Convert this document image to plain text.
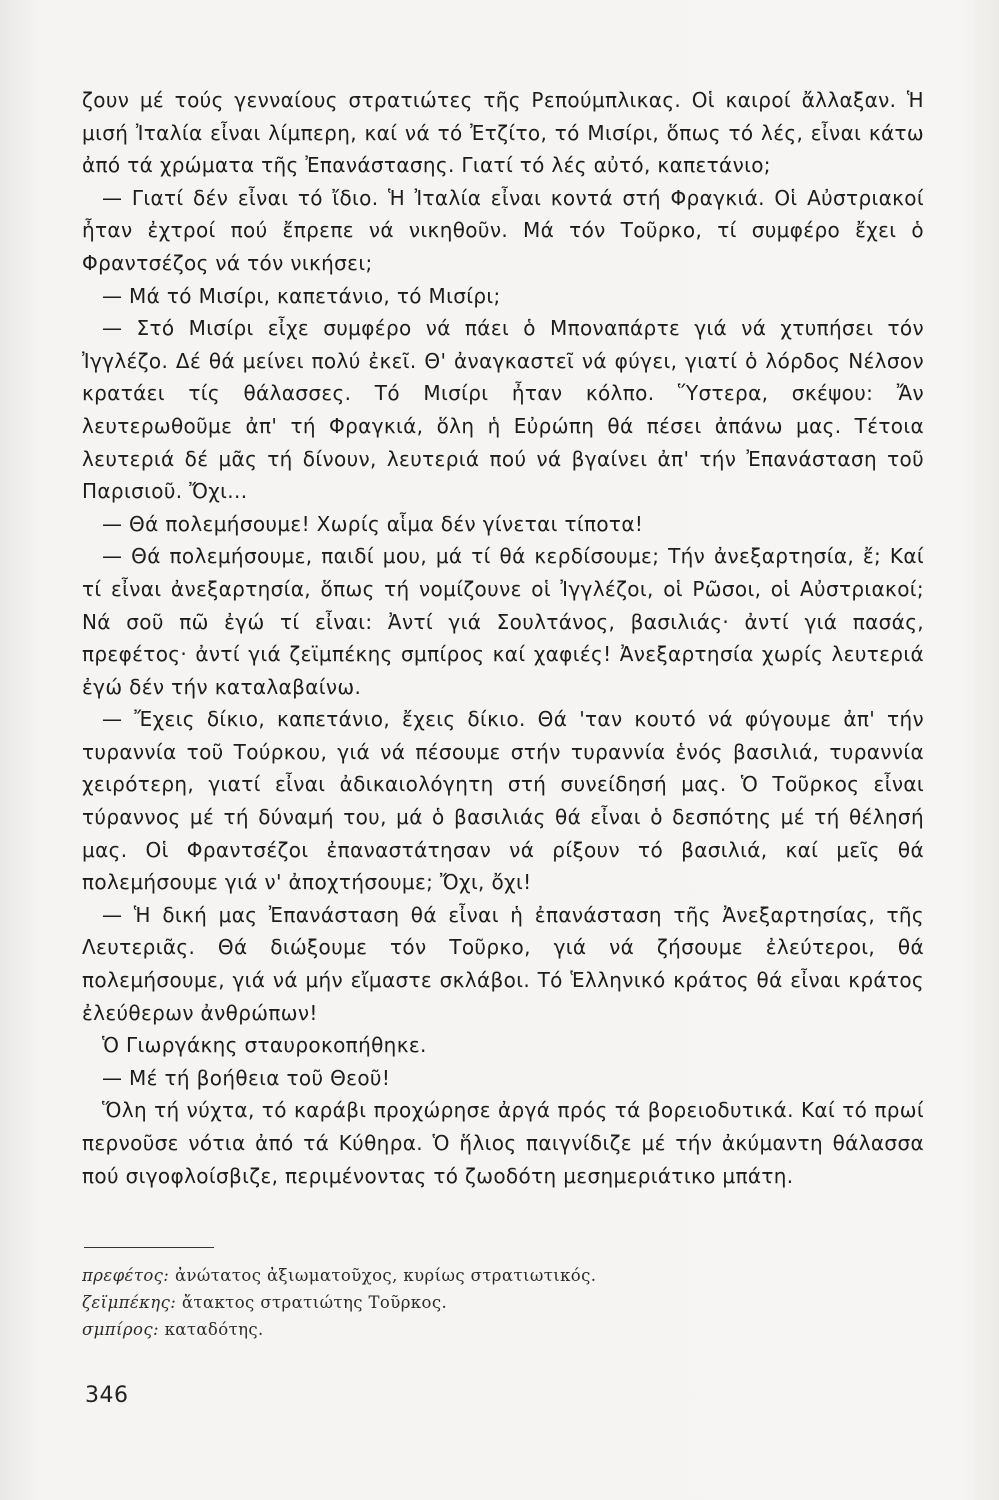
ζουν μέ τούς γενναίους στρατιώτες τῆς Ρεπούμπλικας. Οἱ καιροί ἄλλαξαν. Ἡ μισή Ἰταλία εἶναι λίμπερη, καί νά τό Ἐτζίτο, τό Μισίρι, ὅπως τό λές, εἶναι κάτω ἀπό τά χρώματα τῆς Ἐπανάστασης. Γιατί τό λές αὐτό, καπετάνιο;

— Γιατί δέν εἶναι τό ἴδιο. Ἡ Ἰταλία εἶναι κοντά στή Φραγκιά. Οἱ Αὐστριακοί ἦταν ἐχτροί πού ἔπρεπε νά νικηθοῦν. Μά τόν Τοῦρκο, τί συμφέρο ἔχει ὁ Φραντσέζος νά τόν νικήσει;

— Μά τό Μισίρι, καπετάνιο, τό Μισίρι;

— Στό Μισίρι εἶχε συμφέρο νά πάει ὁ Μποναπάρτε γιά νά χτυπήσει τόν Ἰγγλέζο. Δέ θά μείνει πολύ ἐκεῖ. Θ' ἀναγκαστεῖ νά φύγει, γιατί ὁ λόρδος Νέλσον κρατάει τίς θάλασσες. Τό Μισίρι ἦταν κόλπο. Ὕστερα, σκέψου: Ἄν λευτερωθοῦμε ἀπ' τή Φραγκιά, ὅλη ἡ Εὐρώπη θά πέσει ἀπάνω μας. Τέτοια λευτεριά δέ μᾶς τή δίνουν, λευτεριά πού νά βγαίνει ἀπ' τήν Ἐπανάσταση τοῦ Παρισιοῦ. Ὄχι...

— Θά πολεμήσουμε! Χωρίς αἷμα δέν γίνεται τίποτα!

— Θά πολεμήσουμε, παιδί μου, μά τί θά κερδίσουμε; Τήν ἀνεξαρτησία, ἔ; Καί τί εἶναι ἀνεξαρτησία, ὅπως τή νομίζουνε οἱ Ἰγγλέζοι, οἱ Ρῶσοι, οἱ Αὐστριακοί; Νά σοῦ πῶ ἐγώ τί εἶναι: Ἀντί γιά Σουλτάνος, βασιλιάς· ἀντί γιά πασάς, πρεφέτος· ἀντί γιά ζεϊμπέκης σμπίρος καί χαφιές! Ἀνεξαρτησία χωρίς λευτεριά ἐγώ δέν τήν καταλαβαίνω.

— Ἔχεις δίκιο, καπετάνιο, ἔχεις δίκιο. Θά 'ταν κουτό νά φύγουμε ἀπ' τήν τυραννία τοῦ Τούρκου, γιά νά πέσουμε στήν τυραννία ἑνός βασιλιά, τυραννία χειρότερη, γιατί εἶναι ἀδικαιολόγητη στή συνείδησή μας. Ὁ Τοῦρκος εἶναι τύραννος μέ τή δύναμή του, μά ὁ βασιλιάς θά εἶναι ὁ δεσπότης μέ τή θέλησή μας. Οἱ Φραντσέζοι ἐπαναστάτησαν νά ρίξουν τό βασιλιά, καί μεῖς θά πολεμήσουμε γιά ν' ἀποχτήσουμε; Ὄχι, ὄχι!

— Ἡ δική μας Ἐπανάσταση θά εἶναι ἡ ἐπανάσταση τῆς Ἀνεξαρτησίας, τῆς Λευτεριᾶς. Θά διώξουμε τόν Τοῦρκο, γιά νά ζήσουμε ἐλεύτεροι, θά πολεμήσουμε, γιά νά μήν εἴμαστε σκλάβοι. Τό Ἑλληνικό κράτος θά εἶναι κράτος ἐλεύθερων ἀνθρώπων!

Ὁ Γιωργάκης σταυροκοπήθηκε.

— Μέ τή βοήθεια τοῦ Θεοῦ!

Ὅλη τή νύχτα, τό καράβι προχώρησε ἀργά πρός τά βορειοδυτικά. Καί τό πρωί περνοῦσε νότια ἀπό τά Κύθηρα. Ὁ ἥλιος παιγνίδιζε μέ τήν ἀκύμαντη θάλασσα πού σιγοφλοίσβιζε, περιμένοντας τό ζωοδότη μεσημεριάτικο μπάτη.

πρεφέτος: ἀνώτατος ἀξιωματοῦχος, κυρίως στρατιωτικός.
ζεϊμπέκης: ἄτακτος στρατιώτης Τοῦρκος.
σμπίρος: καταδότης.
346
